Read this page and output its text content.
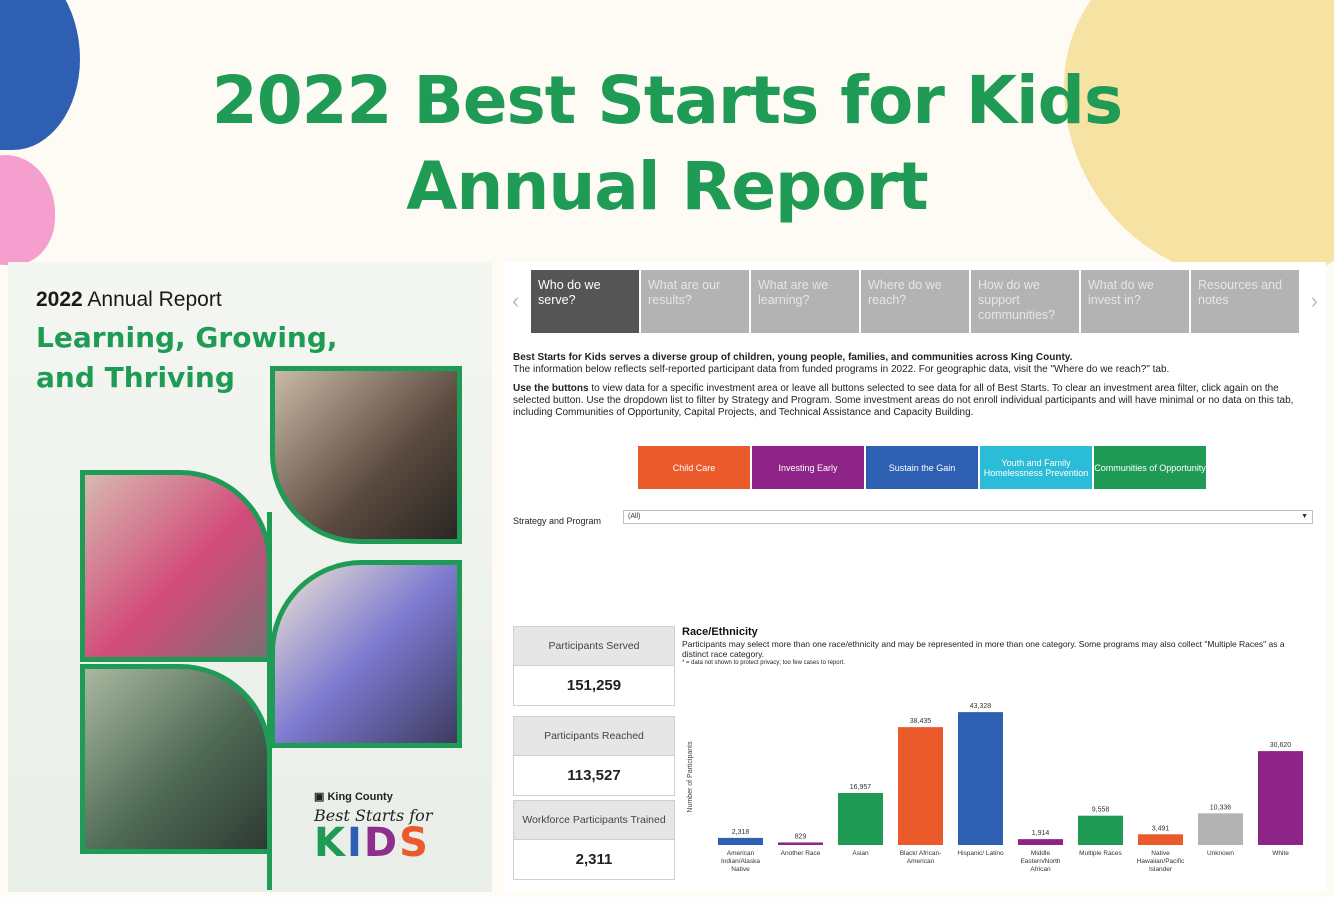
2022 Best Starts for Kids
Annual Report
2022 Annual Report
Learning, Growing, and Thriving
▣ King County
Best Starts for
KIDS
‹	›
Who do we serve?
What are our results?
What are we learning?
Where do we reach?
How do we support communities?
What do we invest in?
Resources and notes

Best Starts for Kids serves a diverse group of children, young people, families, and communities across King County.
The information below reflects self-reported participant data from funded programs in 2022. For geographic data, visit the "Where do we reach?" tab.

Use the buttons to view data for a specific investment area or leave all buttons selected to see data for all of Best Starts. To clear an investment area filter, click again on the selected button. Use the dropdown list to filter by Strategy and Program. Some investment areas do not enroll individual participants and will have minimal or no data on this tab, including Communities of Opportunity, Capital Projects, and Technical Assistance and Capacity Building.

Child Care	Investing Early	Sustain the Gain	Youth and Family Homelessness Prevention Communities of Opportunity
Strategy and Program	(All)	▼
Participants Served
151,259
Participants Reached
113,527
Workforce Participants Trained
2,311
Race/Ethnicity
Participants may select more than one race/ethnicity and may be represented in more than one category. Some programs may also collect "Multiple Races" as a distinct race category.
* = data not shown to protect privacy; too few cases to report.
Number of Participants
2,318
American
Indian/Alaska
Native
829
Another Race
16,957
Asian
38,435
Black/ African-
American
43,328
Hispanic/ Latino
1,914
Middle
Eastern/North
African
9,558
Multiple Races
3,491
Native
Hawaiian/Pacific
Islander
10,336
Unknown
30,620
White
